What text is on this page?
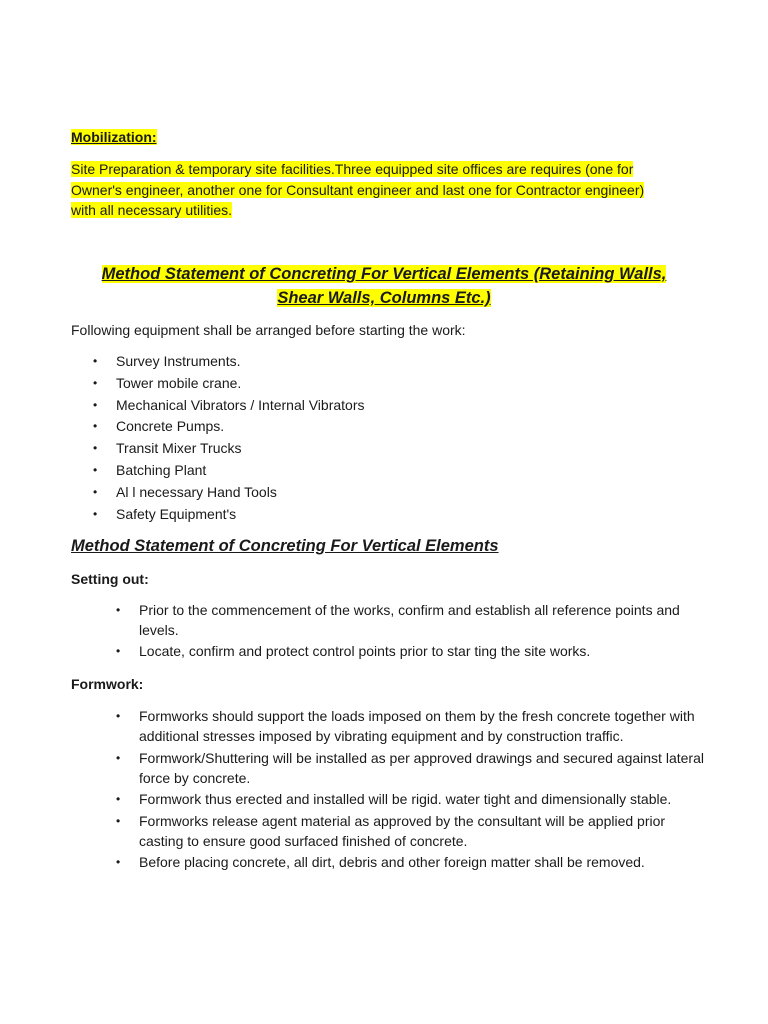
Mobilization:
Site Preparation & temporary site facilities.Three equipped site offices are requires (one for
Owner's engineer, another one for Consultant engineer and last one for Contractor engineer)
with all necessary utilities.
Method Statement of Concreting For Vertical Elements (Retaining Walls,
Shear Walls, Columns Etc.)
Following equipment shall be arranged before starting the work:
• Survey Instruments.
• Tower mobile crane.
• Mechanical Vibrators / Internal Vibrators
• Concrete Pumps.
• Transit Mixer Trucks
• Batching Plant
• Al l necessary Hand Tools
• Safety Equipment's
Method Statement of Concreting For Vertical Elements
Setting out:
• Prior to the commencement of the works, confirm and establish all reference points and levels.
• Locate, confirm and protect control points prior to star ting the site works.
Formwork:
• Formworks should support the loads imposed on them by the fresh concrete together with additional stresses imposed by vibrating equipment and by construction traffic.
• Formwork/Shuttering will be installed as per approved drawings and secured against lateral force by concrete.
• Formwork thus erected and installed will be rigid. water tight and dimensionally stable.
• Formworks release agent material as approved by the consultant will be applied prior casting to ensure good surfaced finished of concrete.
• Before placing concrete, all dirt, debris and other foreign matter shall be removed.
